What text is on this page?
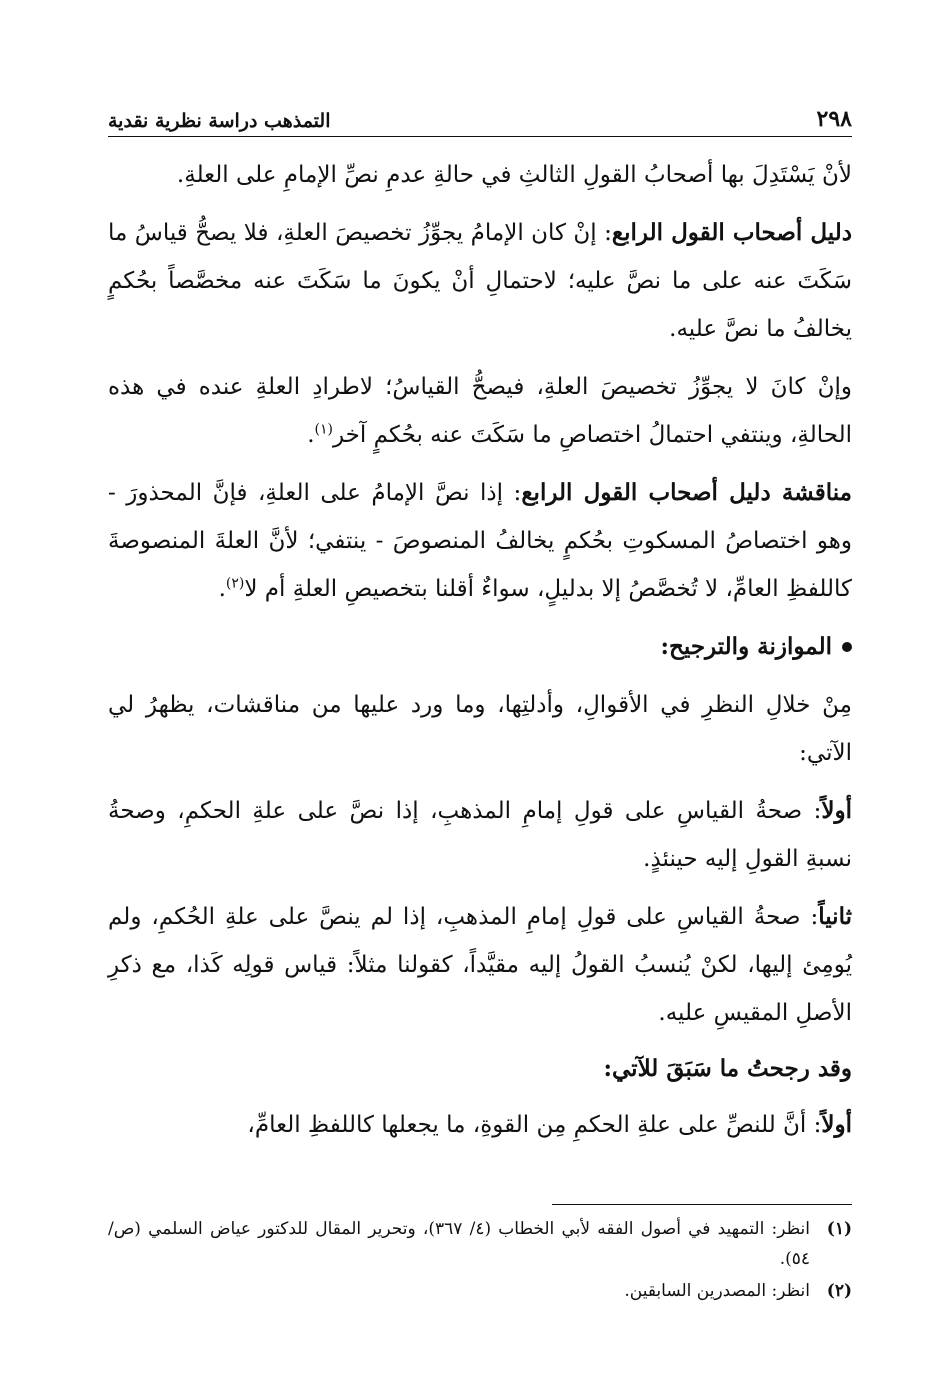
٢٩٨
التمذهب دراسة نظرية نقدية

لأنْ يَسْتَدِلَ بها أصحابُ القولِ الثالثِ في حالةِ عدمِ نصِّ الإمامِ على العلةِ.

دليل أصحاب القول الرابع: إنْ كان الإمامُ يجوِّزُ تخصيصَ العلةِ، فلا يصحُّ قياسُ ما سَكَتَ عنه على ما نصَّ عليه؛ لاحتمالِ أنْ يكونَ ما سَكَتَ عنه مخصَّصاً بحُكمٍ يخالفُ ما نصَّ عليه.

وإنْ كانَ لا يجوِّزُ تخصيصَ العلةِ، فيصحُّ القياسُ؛ لاطرادِ العلةِ عنده في هذه الحالةِ، وينتفي احتمالُ اختصاصِ ما سَكَتَ عنه بحُكمٍ آخر$^{(١)}$.

مناقشة دليل أصحاب القول الرابع: إذا نصَّ الإمامُ على العلةِ، فإنَّ المحذورَ - وهو اختصاصُ المسكوتِ بحُكمٍ يخالفُ المنصوصَ - ينتفي؛ لأنَّ العلةَ المنصوصةَ كاللفظِ العامِّ، لا تُخصَّصُ إلا بدليلٍ، سواءٌ أقلنا بتخصيصِ العلةِ أم لا$^{(٢)}$.

الموازنة والترجيح:

مِنْ خلالِ النظرِ في الأقوالِ، وأدلتِها، وما ورد عليها من مناقشات، يظهرُ لي الآتي:

أولاً: صحةُ القياسِ على قولِ إمامِ المذهبِ، إذا نصَّ على علةِ الحكمِ، وصحةُ نسبةِ القولِ إليه حينئذٍ.

ثانياً: صحةُ القياسِ على قولِ إمامِ المذهبِ، إذا لم ينصَّ على علةِ الحُكمِ، ولم يُومِئ إليها، لكنْ يُنسبُ القولُ إليه مقيَّداً، كقولنا مثلاً: قياس قولِه كَذا، مع ذكرِ الأصلِ المقيسِ عليه.

وقد رجحتُ ما سَبَقَ للآتي:

أولاً: أنَّ للنصِّ على علةِ الحكمِ مِن القوةِ، ما يجعلها كاللفظِ العامِّ،

(١)
انظر: التمهيد في أصول الفقه لأبي الخطاب (٤/ ٣٦٧)، وتحرير المقال للدكتور عياض السلمي (ص/ ٥٤).
(٢)
انظر: المصدرين السابقين.
